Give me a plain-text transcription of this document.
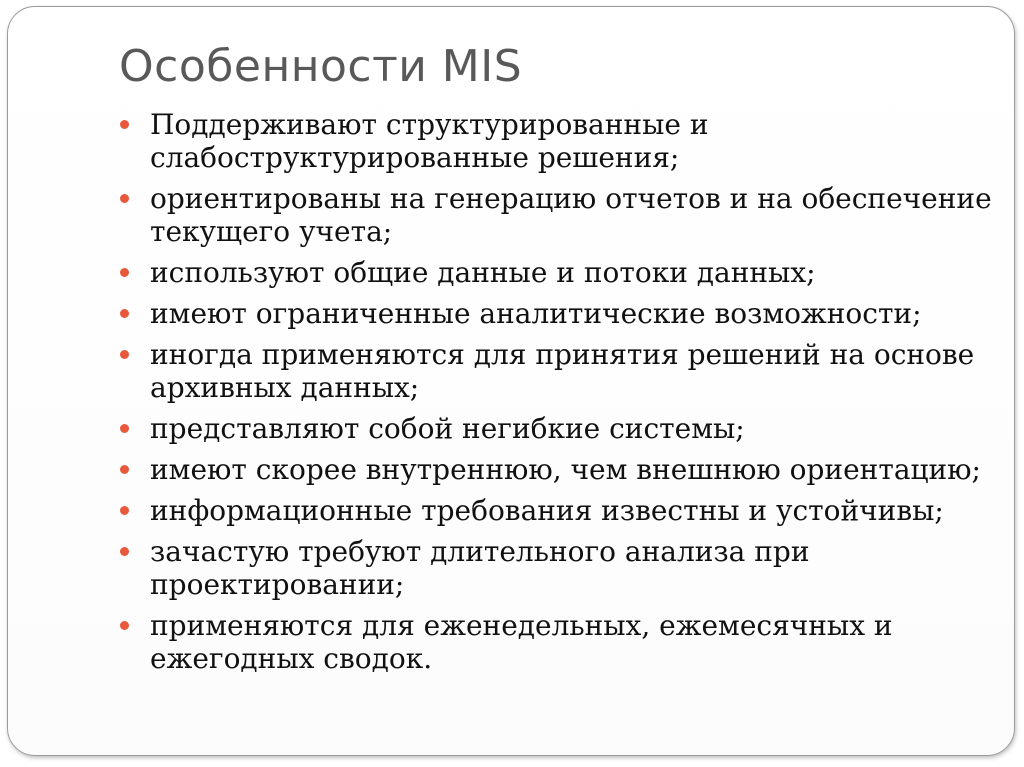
Особенности MIS
Поддерживают структурированные и слабоструктурированные решения;
ориентированы на генерацию отчетов и на обеспечение текущего учета;
используют общие данные и потоки данных;
имеют ограниченные аналитические возможности;
иногда применяются для принятия решений на основе архивных данных;
представляют собой негибкие системы;
имеют скорее внутреннюю, чем внешнюю ориентацию;
информационные требования известны и устойчивы;
зачастую требуют длительного анализа при проектировании;
применяются для еженедельных, ежемесячных и ежегодных сводок.
